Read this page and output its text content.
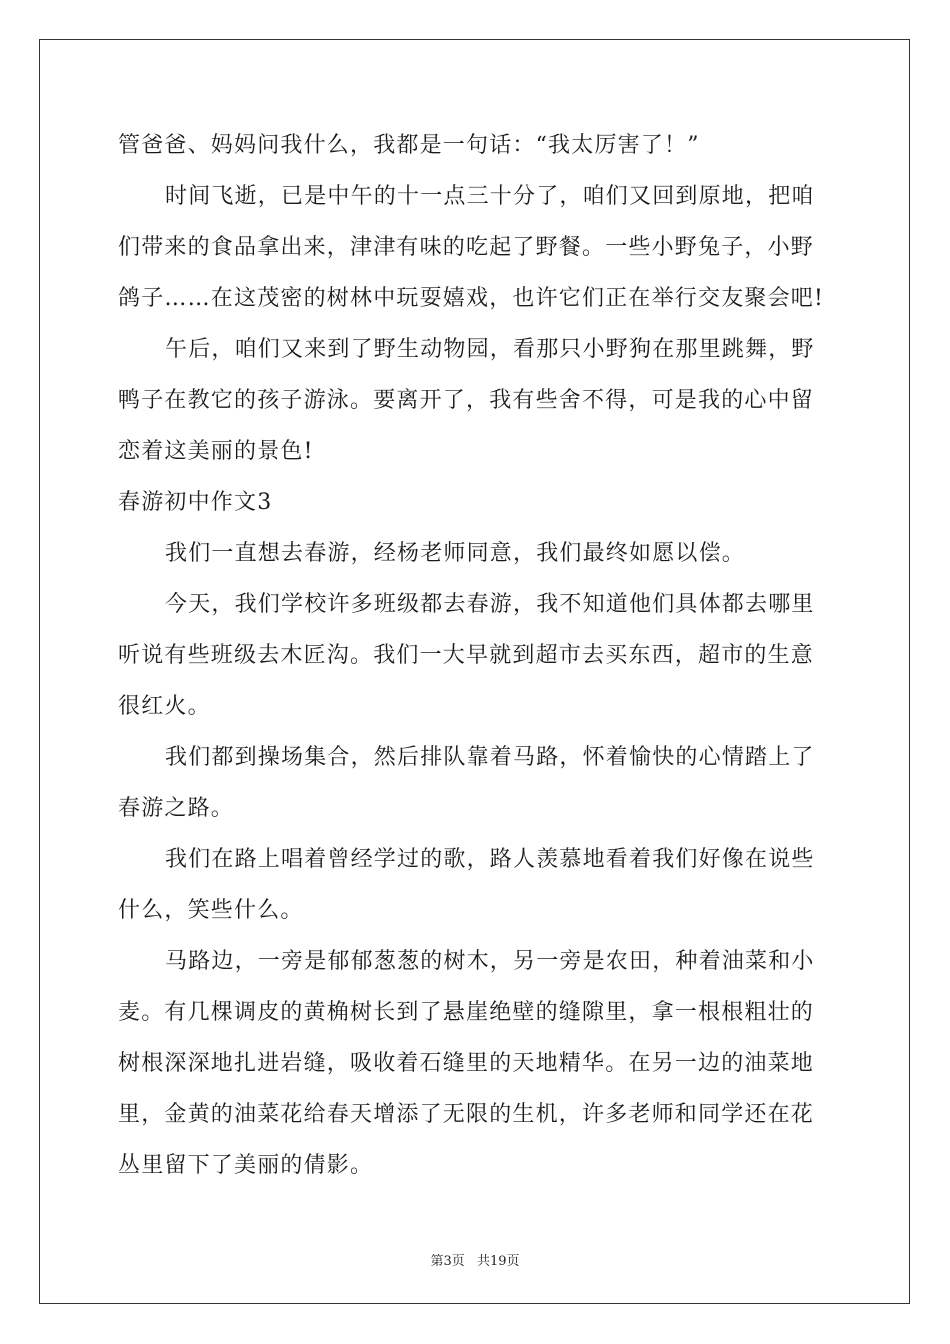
管爸爸、妈妈问我什么，我都是一句话：“我太厉害了！”
时间飞逝，已是中午的十一点三十分了，咱们又回到原地，把咱
们带来的食品拿出来，津津有味的吃起了野餐。一些小野兔子，小野
鸽子……在这茂密的树林中玩耍嬉戏，也许它们正在举行交友聚会吧!
午后，咱们又来到了野生动物园，看那只小野狗在那里跳舞，野
鸭子在教它的孩子游泳。要离开了，我有些舍不得，可是我的心中留
恋着这美丽的景色!
春游初中作文3
我们一直想去春游，经杨老师同意，我们最终如愿以偿。
今天，我们学校许多班级都去春游，我不知道他们具体都去哪里
听说有些班级去木匠沟。我们一大早就到超市去买东西，超市的生意
很红火。
我们都到操场集合，然后排队靠着马路，怀着愉快的心情踏上了
春游之路。
我们在路上唱着曾经学过的歌，路人羡慕地看着我们好像在说些
什么，笑些什么。
马路边，一旁是郁郁葱葱的树木，另一旁是农田，种着油菜和小
麦。有几棵调皮的黄桷树长到了悬崖绝壁的缝隙里，拿一根根粗壮的
树根深深地扎进岩缝，吸收着石缝里的天地精华。在另一边的油菜地
里，金黄的油菜花给春天增添了无限的生机，许多老师和同学还在花
丛里留下了美丽的倩影。
第3页 共19页
